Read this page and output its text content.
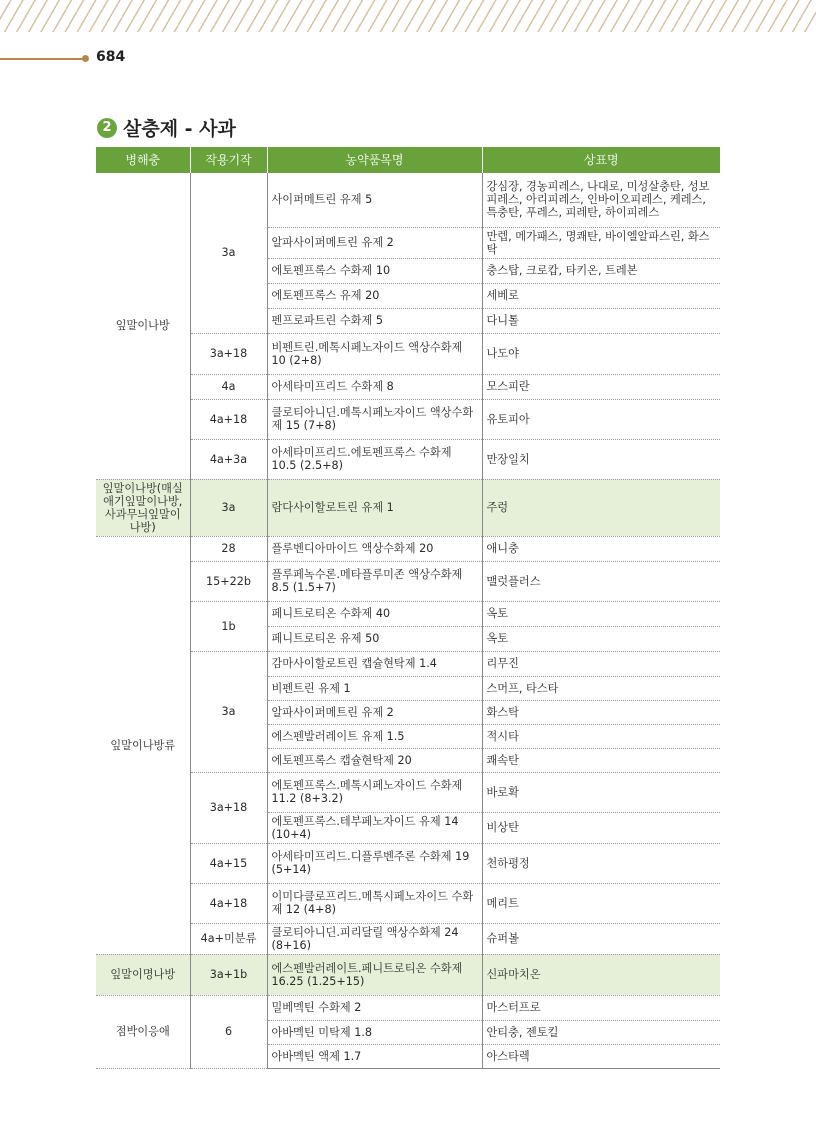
684
2 살충제 - 사과
병해충	작용기작	농약품목명	상표명
잎말이나방	3a	사이퍼메트린 유제 5	강심장, 경농피레스, 나대로, 미성살충탄, 성보피레스, 아리피레스, 인바이오피레스, 케레스, 특충탄, 푸레스, 피레탄, 하이피레스
		알파사이퍼메트린 유제 2	만렙, 메가패스, 명쾌탄, 바이엘알파스린, 화스탁
		에토펜프록스 수화제 10	충스탑, 크로캅, 타키온, 트레본
		에토펜프록스 유제 20	세베로
		펜프로파트린 수화제 5	다니톨
	3a+18	비펜트린.메톡시페노자이드 액상수화제 10 (2+8)	나도야
	4a	아세타미프리드 수화제 8	모스피란
	4a+18	클로티아니딘.메톡시페노자이드 액상수화제 15 (7+8)	유토피아
	4a+3a	아세타미프리드.에토펜프록스 수화제 10.5 (2.5+8)	만장일치
잎말이나방(매실애기잎말이나방, 사과무늬잎말이나방)	3a	람다사이할로트린 유제 1	주렁
잎말이나방류	28	플루벤디아마이드 액상수화제 20	애니충
	15+22b	플루페녹수론.메타플루미존 액상수화제 8.5 (1.5+7)	맬럿플러스
	1b	페니트로티온 수화제 40	옥토
		페니트로티온 유제 50	옥토
	3a	감마사이할로트린 캡슐현탁제 1.4	리무진
		비펜트린 유제 1	스머프, 타스타
		알파사이퍼메트린 유제 2	화스탁
		에스펜발러레이트 유제 1.5	적시타
		에토펜프록스 캡슐현탁제 20	쾌속탄
	3a+18	에토펜프록스.메톡시페노자이드 수화제 11.2 (8+3.2)	바로확
		에토펜프록스.테부페노자이드 유제 14 (10+4)	비상탄
	4a+15	아세타미프리드.디플루벤주론 수화제 19 (5+14)	천하평정
	4a+18	이미다클로프리드.메톡시페노자이드 수화제 12 (4+8)	메리트
	4a+미분류	클로티아니딘.피리달릴 액상수화제 24 (8+16)	슈퍼볼
잎말이명나방	3a+1b	에스펜발러레이트.페니트로티온 수화제 16.25 (1.25+15)	신파마치온
점박이응애	6	밀베멕틴 수화제 2	마스터프로
		아바멕틴 미탁제 1.8	안티충, 젠토킬
		아바멕틴 액제 1.7	아스타렉
